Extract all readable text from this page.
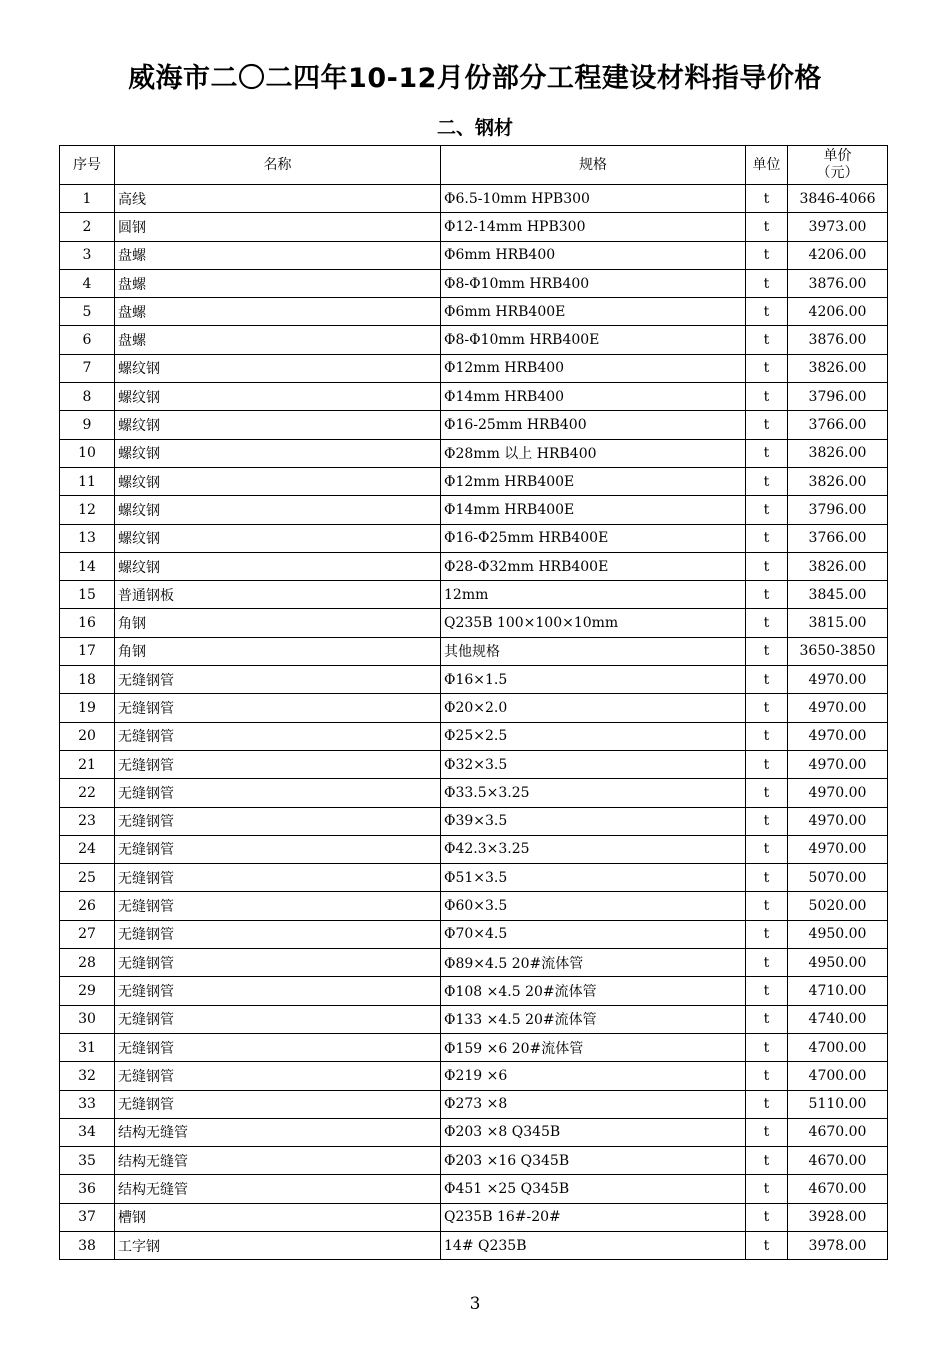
威海市二〇二四年10-12月份部分工程建设材料指导价格
二、钢材
序号	名称	规格	单位	单价
（元）

1	高线	Φ6.5-10mm HPB300	t	3846-4066
2	圆钢	Φ12-14mm HPB300	t	3973.00
3	盘螺	Φ6mm HRB400	t	4206.00
4	盘螺	Φ8-Φ10mm HRB400	t	3876.00
5	盘螺	Φ6mm HRB400E	t	4206.00
6	盘螺	Φ8-Φ10mm HRB400E	t	3876.00
7	螺纹钢	Φ12mm HRB400	t	3826.00
8	螺纹钢	Φ14mm HRB400	t	3796.00
9	螺纹钢	Φ16-25mm HRB400	t	3766.00
10	螺纹钢	Φ28mm 以上 HRB400	t	3826.00
11	螺纹钢	Φ12mm HRB400E	t	3826.00
12	螺纹钢	Φ14mm HRB400E	t	3796.00
13	螺纹钢	Φ16-Φ25mm HRB400E	t	3766.00
14	螺纹钢	Φ28-Φ32mm HRB400E	t	3826.00
15	普通钢板	12mm	t	3845.00
16	角钢	Q235B 100×100×10mm	t	3815.00
17	角钢	其他规格	t	3650-3850
18	无缝钢管	Φ16×1.5	t	4970.00
19	无缝钢管	Φ20×2.0	t	4970.00
20	无缝钢管	Φ25×2.5	t	4970.00
21	无缝钢管	Φ32×3.5	t	4970.00
22	无缝钢管	Φ33.5×3.25	t	4970.00
23	无缝钢管	Φ39×3.5	t	4970.00
24	无缝钢管	Φ42.3×3.25	t	4970.00
25	无缝钢管	Φ51×3.5	t	5070.00
26	无缝钢管	Φ60×3.5	t	5020.00
27	无缝钢管	Φ70×4.5	t	4950.00
28	无缝钢管	Φ89×4.5 20#流体管	t	4950.00
29	无缝钢管	Φ108 ×4.5 20#流体管	t	4710.00
30	无缝钢管	Φ133 ×4.5 20#流体管	t	4740.00
31	无缝钢管	Φ159 ×6 20#流体管	t	4700.00
32	无缝钢管	Φ219 ×6	t	4700.00
33	无缝钢管	Φ273 ×8	t	5110.00
34	结构无缝管	Φ203 ×8 Q345B	t	4670.00
35	结构无缝管	Φ203 ×16 Q345B	t	4670.00
36	结构无缝管	Φ451 ×25 Q345B	t	4670.00
37	槽钢	Q235B 16#-20#	t	3928.00
38	工字钢	14# Q235B	t	3978.00
3
